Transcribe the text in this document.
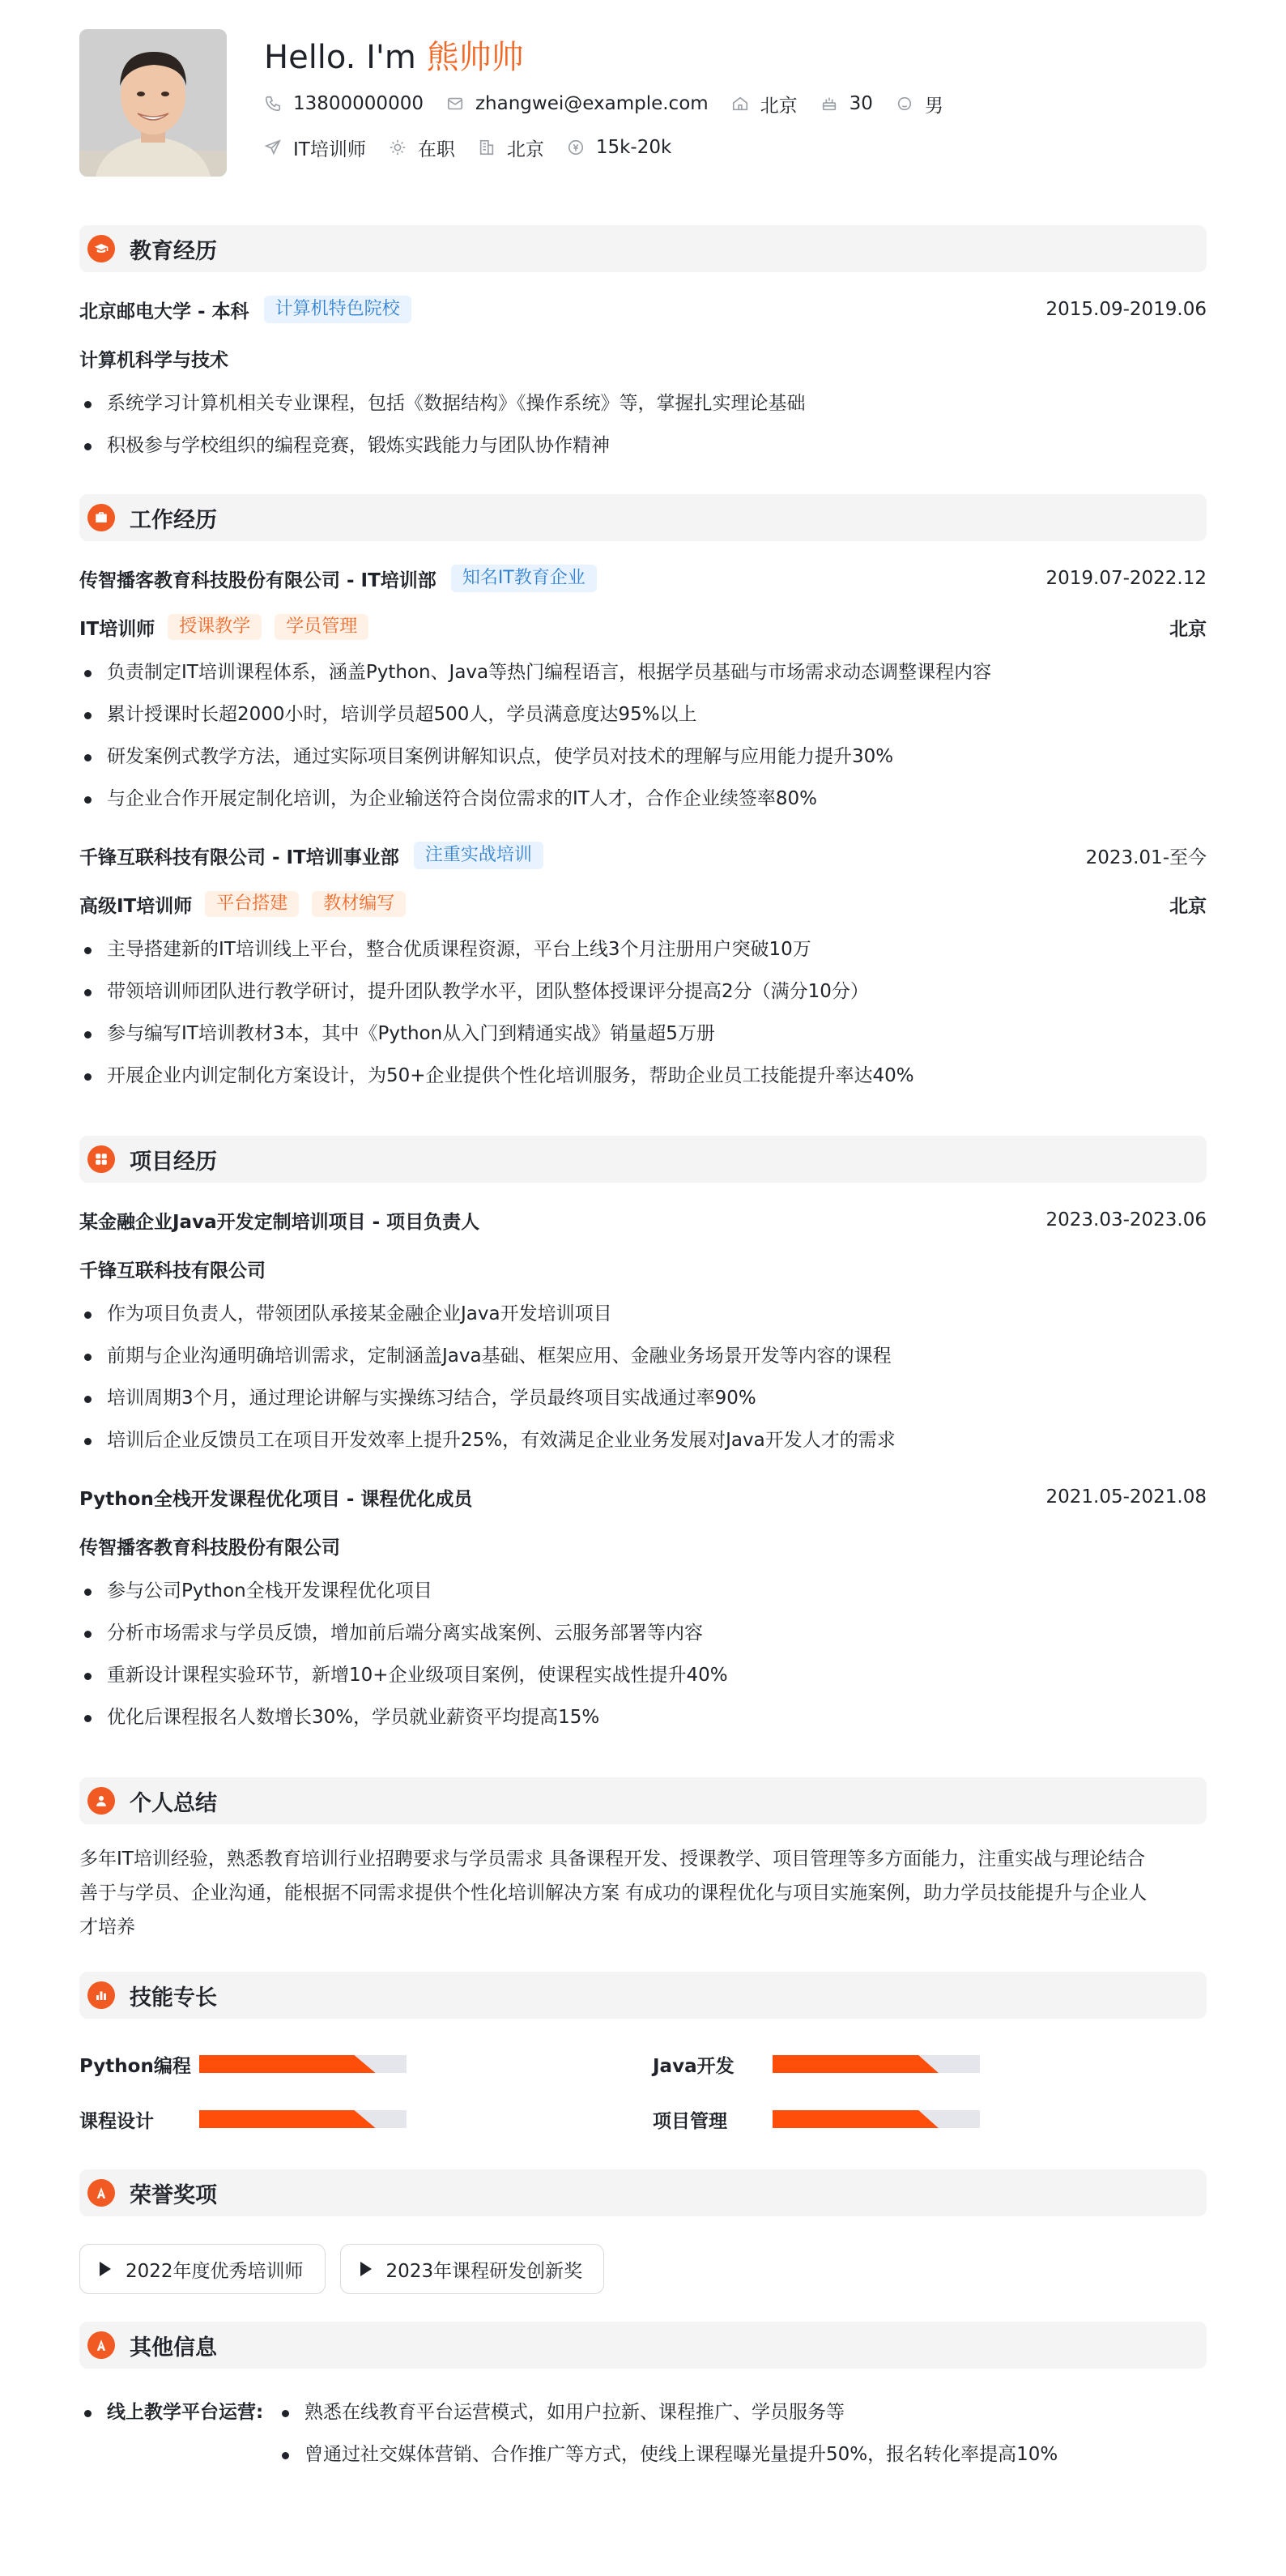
Hello. I'm 熊帅帅
13800000000	zhangwei@example.com	北京	30	男
IT培训师	在职	北京	15k-20k
教育经历
北京邮电大学 - 本科	计算机特色院校	2015.09-2019.06
计算机科学与技术
系统学习计算机相关专业课程，包括《数据结构》《操作系统》等，掌握扎实理论基础
积极参与学校组织的编程竞赛，锻炼实践能力与团队协作精神
工作经历
传智播客教育科技股份有限公司 - IT培训部	知名IT教育企业	2019.07-2022.12
IT培训师	授课教学	学员管理	北京
负责制定IT培训课程体系，涵盖Python、Java等热门编程语言，根据学员基础与市场需求动态调整课程内容
累计授课时长超2000小时，培训学员超500人，学员满意度达95%以上
研发案例式教学方法，通过实际项目案例讲解知识点，使学员对技术的理解与应用能力提升30%
与企业合作开展定制化培训，为企业输送符合岗位需求的IT人才，合作企业续签率80%
千锋互联科技有限公司 - IT培训事业部	注重实战培训	2023.01-至今
高级IT培训师	平台搭建	教材编写	北京
主导搭建新的IT培训线上平台，整合优质课程资源，平台上线3个月注册用户突破10万
带领培训师团队进行教学研讨，提升团队教学水平，团队整体授课评分提高2分（满分10分）
参与编写IT培训教材3本，其中《Python从入门到精通实战》销量超5万册
开展企业内训定制化方案设计，为50+企业提供个性化培训服务，帮助企业员工技能提升率达40%
项目经历
某金融企业Java开发定制培训项目 - 项目负责人	2023.03-2023.06
千锋互联科技有限公司
作为项目负责人，带领团队承接某金融企业Java开发培训项目
前期与企业沟通明确培训需求，定制涵盖Java基础、框架应用、金融业务场景开发等内容的课程
培训周期3个月，通过理论讲解与实操练习结合，学员最终项目实战通过率90%
培训后企业反馈员工在项目开发效率上提升25%，有效满足企业业务发展对Java开发人才的需求
Python全栈开发课程优化项目 - 课程优化成员	2021.05-2021.08
传智播客教育科技股份有限公司
参与公司Python全栈开发课程优化项目
分析市场需求与学员反馈，增加前后端分离实战案例、云服务部署等内容
重新设计课程实验环节，新增10+企业级项目案例，使课程实战性提升40%
优化后课程报名人数增长30%，学员就业薪资平均提高15%
个人总结
多年IT培训经验，熟悉教育培训行业招聘要求与学员需求 具备课程开发、授课教学、项目管理等多方面能力，注重实战与理论结合
善于与学员、企业沟通，能根据不同需求提供个性化培训解决方案 有成功的课程优化与项目实施案例，助力学员技能提升与企业人
才培养
技能专长
Python编程	Java开发
课程设计	项目管理
荣誉奖项
2022年度优秀培训师	2023年课程研发创新奖
其他信息
线上教学平台运营:	熟悉在线教育平台运营模式，如用户拉新、课程推广、学员服务等
曾通过社交媒体营销、合作推广等方式，使线上课程曝光量提升50%，报名转化率提高10%
